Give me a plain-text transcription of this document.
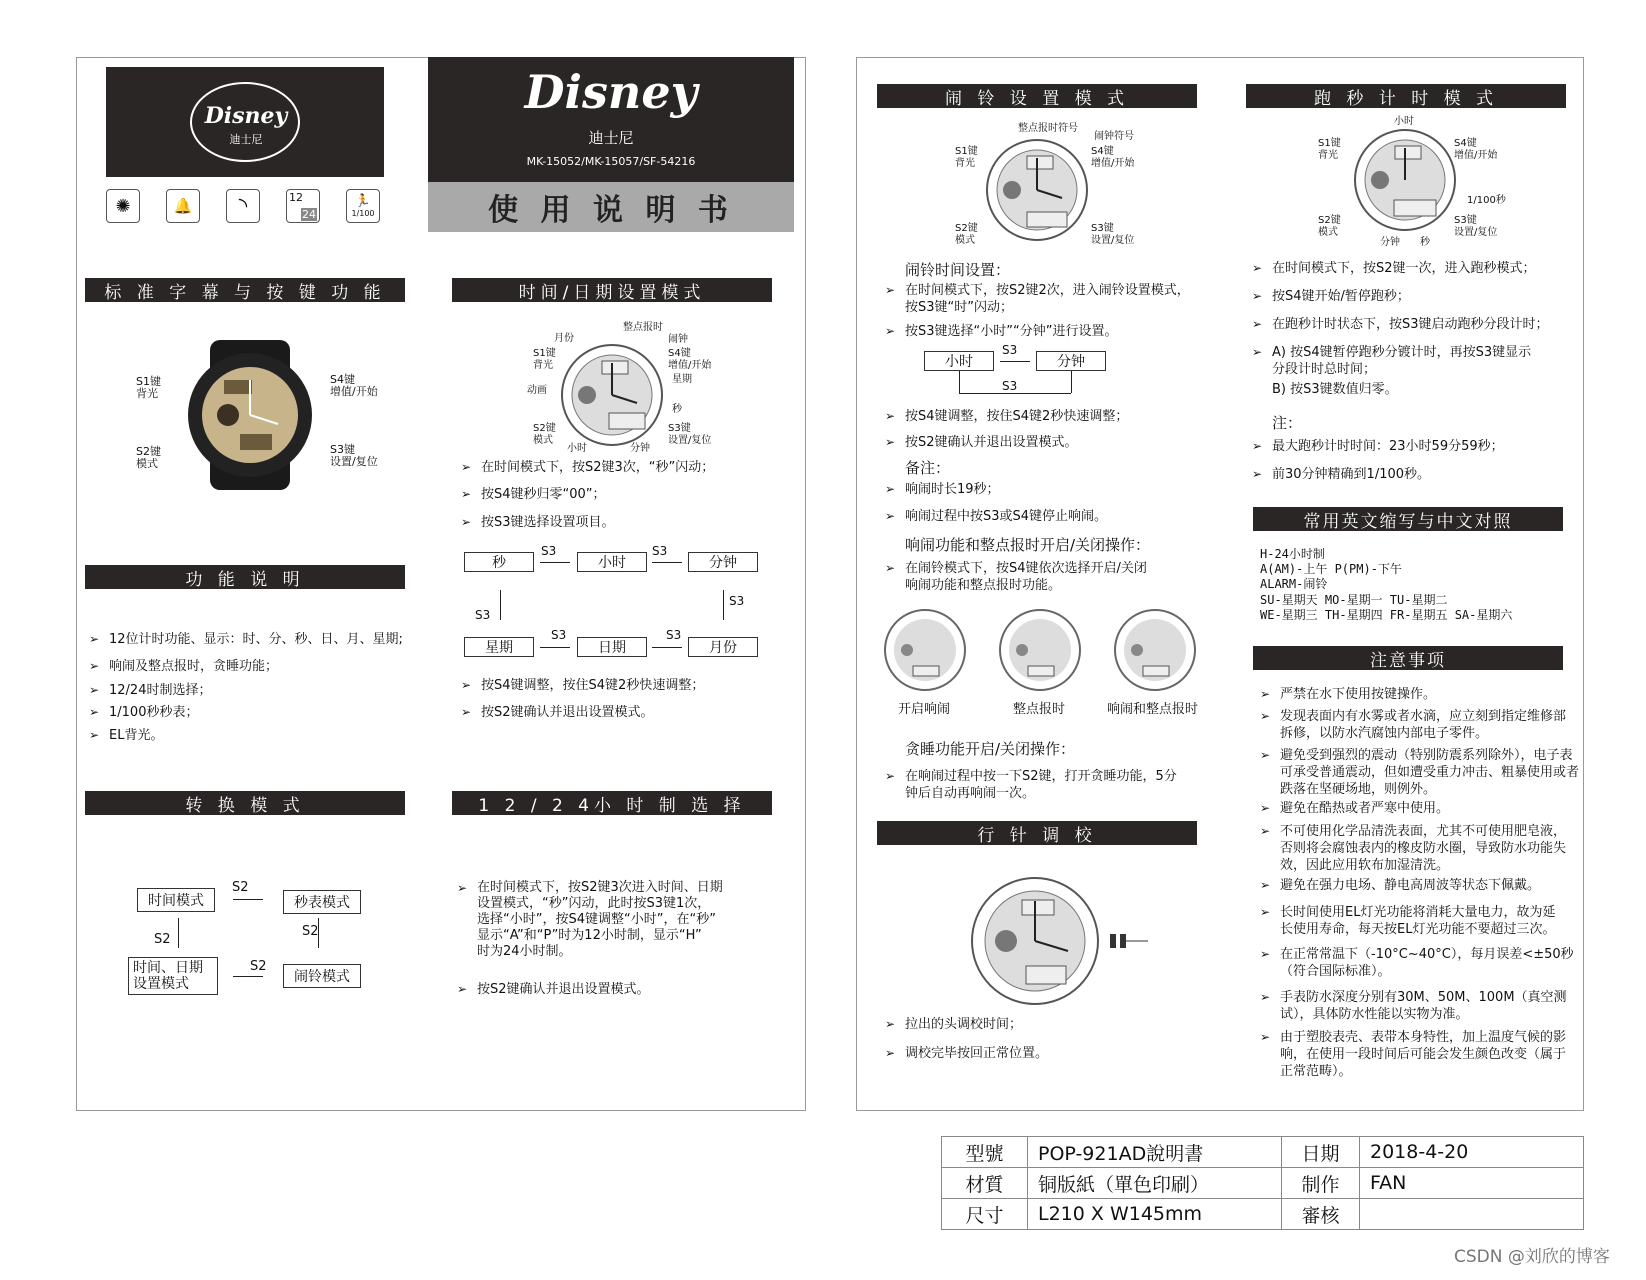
Disney
迪士尼
✺	🔔 ◝	12
24
🏃
1/100
Disney
迪士尼
MK-15052/MK-15057/SF-54216
使 用 说 明 书
标 准 字 幕 与 按 键 功 能
S1键
背光
S2键
模式
S4键
增值/开始
S3键
设置/复位
功 能 说 明
➢ 12位计时功能、显示：时、分、秒、日、月、星期;
➢ 响闹及整点报时，贪睡功能；
➢ 12/24时制选择；
➢ 1/100秒秒表；
➢ EL背光。
转 换 模 式
时间模式	秒表模式
时间、日期
设置模式	闹铃模式
S2
S2
S2
S2
时间/日期设置模式
月份
整点报时
闹钟
S1键
背光
S4键
增值/开始
星期
动画
秒
S2键
模式
S3键
设置/复位
小时	分钟
➢ 在时间模式下，按S2键3次，“秒”闪动；
➢ 按S4键秒归零“00”；
➢ 按S3键选择设置项目。
秒	小时	分钟
星期	日期	月份
S3	S3
S3
S3
S3	S3
➢ 按S4键调整，按住S4键2秒快速调整；
➢ 按S2键确认并退出设置模式。
1 2 / 2 4小 时 制 选 择
➢ 在时间模式下，按S2键3次进入时间、日期
设置模式，“秒”闪动，此时按S3键1次，
选择“小时”，按S4键调整“小时”，在“秒”
显示“A”和“P”时为12小时制，显示“H”
时为24小时制。
➢ 按S2键确认并退出设置模式。
闹 铃 设 置 模 式
整点报时符号
闹钟符号
S1键
背光
S4键
增值/开始
S2键
模式
S3键
设置/复位
闹铃时间设置：
➢ 在时间模式下，按S2键2次，进入闹铃设置模式，
按S3键“时”闪动；
➢ 按S3键选择“小时”“分钟”进行设置。
小时	分钟
S3
S3
➢ 按S4键调整，按住S4键2秒快速调整；
➢ 按S2键确认并退出设置模式。
备注：
➢ 响闹时长19秒；
➢ 响闹过程中按S3或S4键停止响闹。
响闹功能和整点报时开启/关闭操作：
➢ 在闹铃模式下，按S4键依次选择开启/关闭
响闹功能和整点报时功能。
开启响闹	整点报时	响闹和整点报时
贪睡功能开启/关闭操作：
➢ 在响闹过程中按一下S2键，打开贪睡功能，5分
钟后自动再响闹一次。
行 针 调 校
➢ 拉出的头调校时间；
➢ 调校完毕按回正常位置。
跑 秒 计 时 模 式
小时
S1键
背光
S4键
增值/开始
1/100秒
S2键
模式
S3键
设置/复位
分钟 秒
➢ 在时间模式下，按S2键一次，进入跑秒模式；
➢ 按S4键开始/暂停跑秒；
➢ 在跑秒计时状态下，按S3键启动跑秒分段计时；
➢ A) 按S4键暂停跑秒分镀计时，再按S3键显示
分段计时总时间；
B) 按S3键数值归零。
注：
➢ 最大跑秒计时时间：23小时59分59秒；
➢ 前30分钟精确到1/100秒。
常用英文缩写与中文对照
H-24小时制
A(AM)-上午 P(PM)-下午
ALARM-闹铃
SU-星期天 MO-星期一 TU-星期二
WE-星期三 TH-星期四 FR-星期五 SA-星期六
注意事项
➢ 严禁在水下使用按键操作。
➢ 发现表面内有水雾或者水滴，应立刻到指定维修部
拆修，以防水汽腐蚀内部电子零件。
➢ 避免受到强烈的震动（特别防震系列除外），电子表
可承受普通震动，但如遭受重力冲击、粗暴使用或者
跌落在坚硬场地，则例外。
➢ 避免在酷热或者严寒中使用。
➢ 不可使用化学品清洗表面，尤其不可使用肥皂液，
否则将会腐蚀表内的橡皮防水圈，导致防水功能失
效，因此应用软布加湿清洗。
➢ 避免在强力电场、静电高周波等状态下佩戴。
➢ 长时间使用EL灯光功能将消耗大量电力，故为延
长使用寿命，每天按EL灯光功能不要超过三次。
➢ 在正常常温下（-10°C~40°C），每月误差<±50秒
（符合国际标准）。
➢ 手表防水深度分别有30M、50M、100M（真空测
试），具体防水性能以实物为准。
➢ 由于塑胶表壳、表带本身特性，加上温度气候的影
响，在使用一段时间后可能会发生颜色改变（属于
正常范畴）。
型號	POP-921AD說明書	日期	2018-4-20
材質	铜版紙（單色印刷）	制作	FAN
尺寸	L210 X W145mm	審核	
CSDN @刘欣的博客
